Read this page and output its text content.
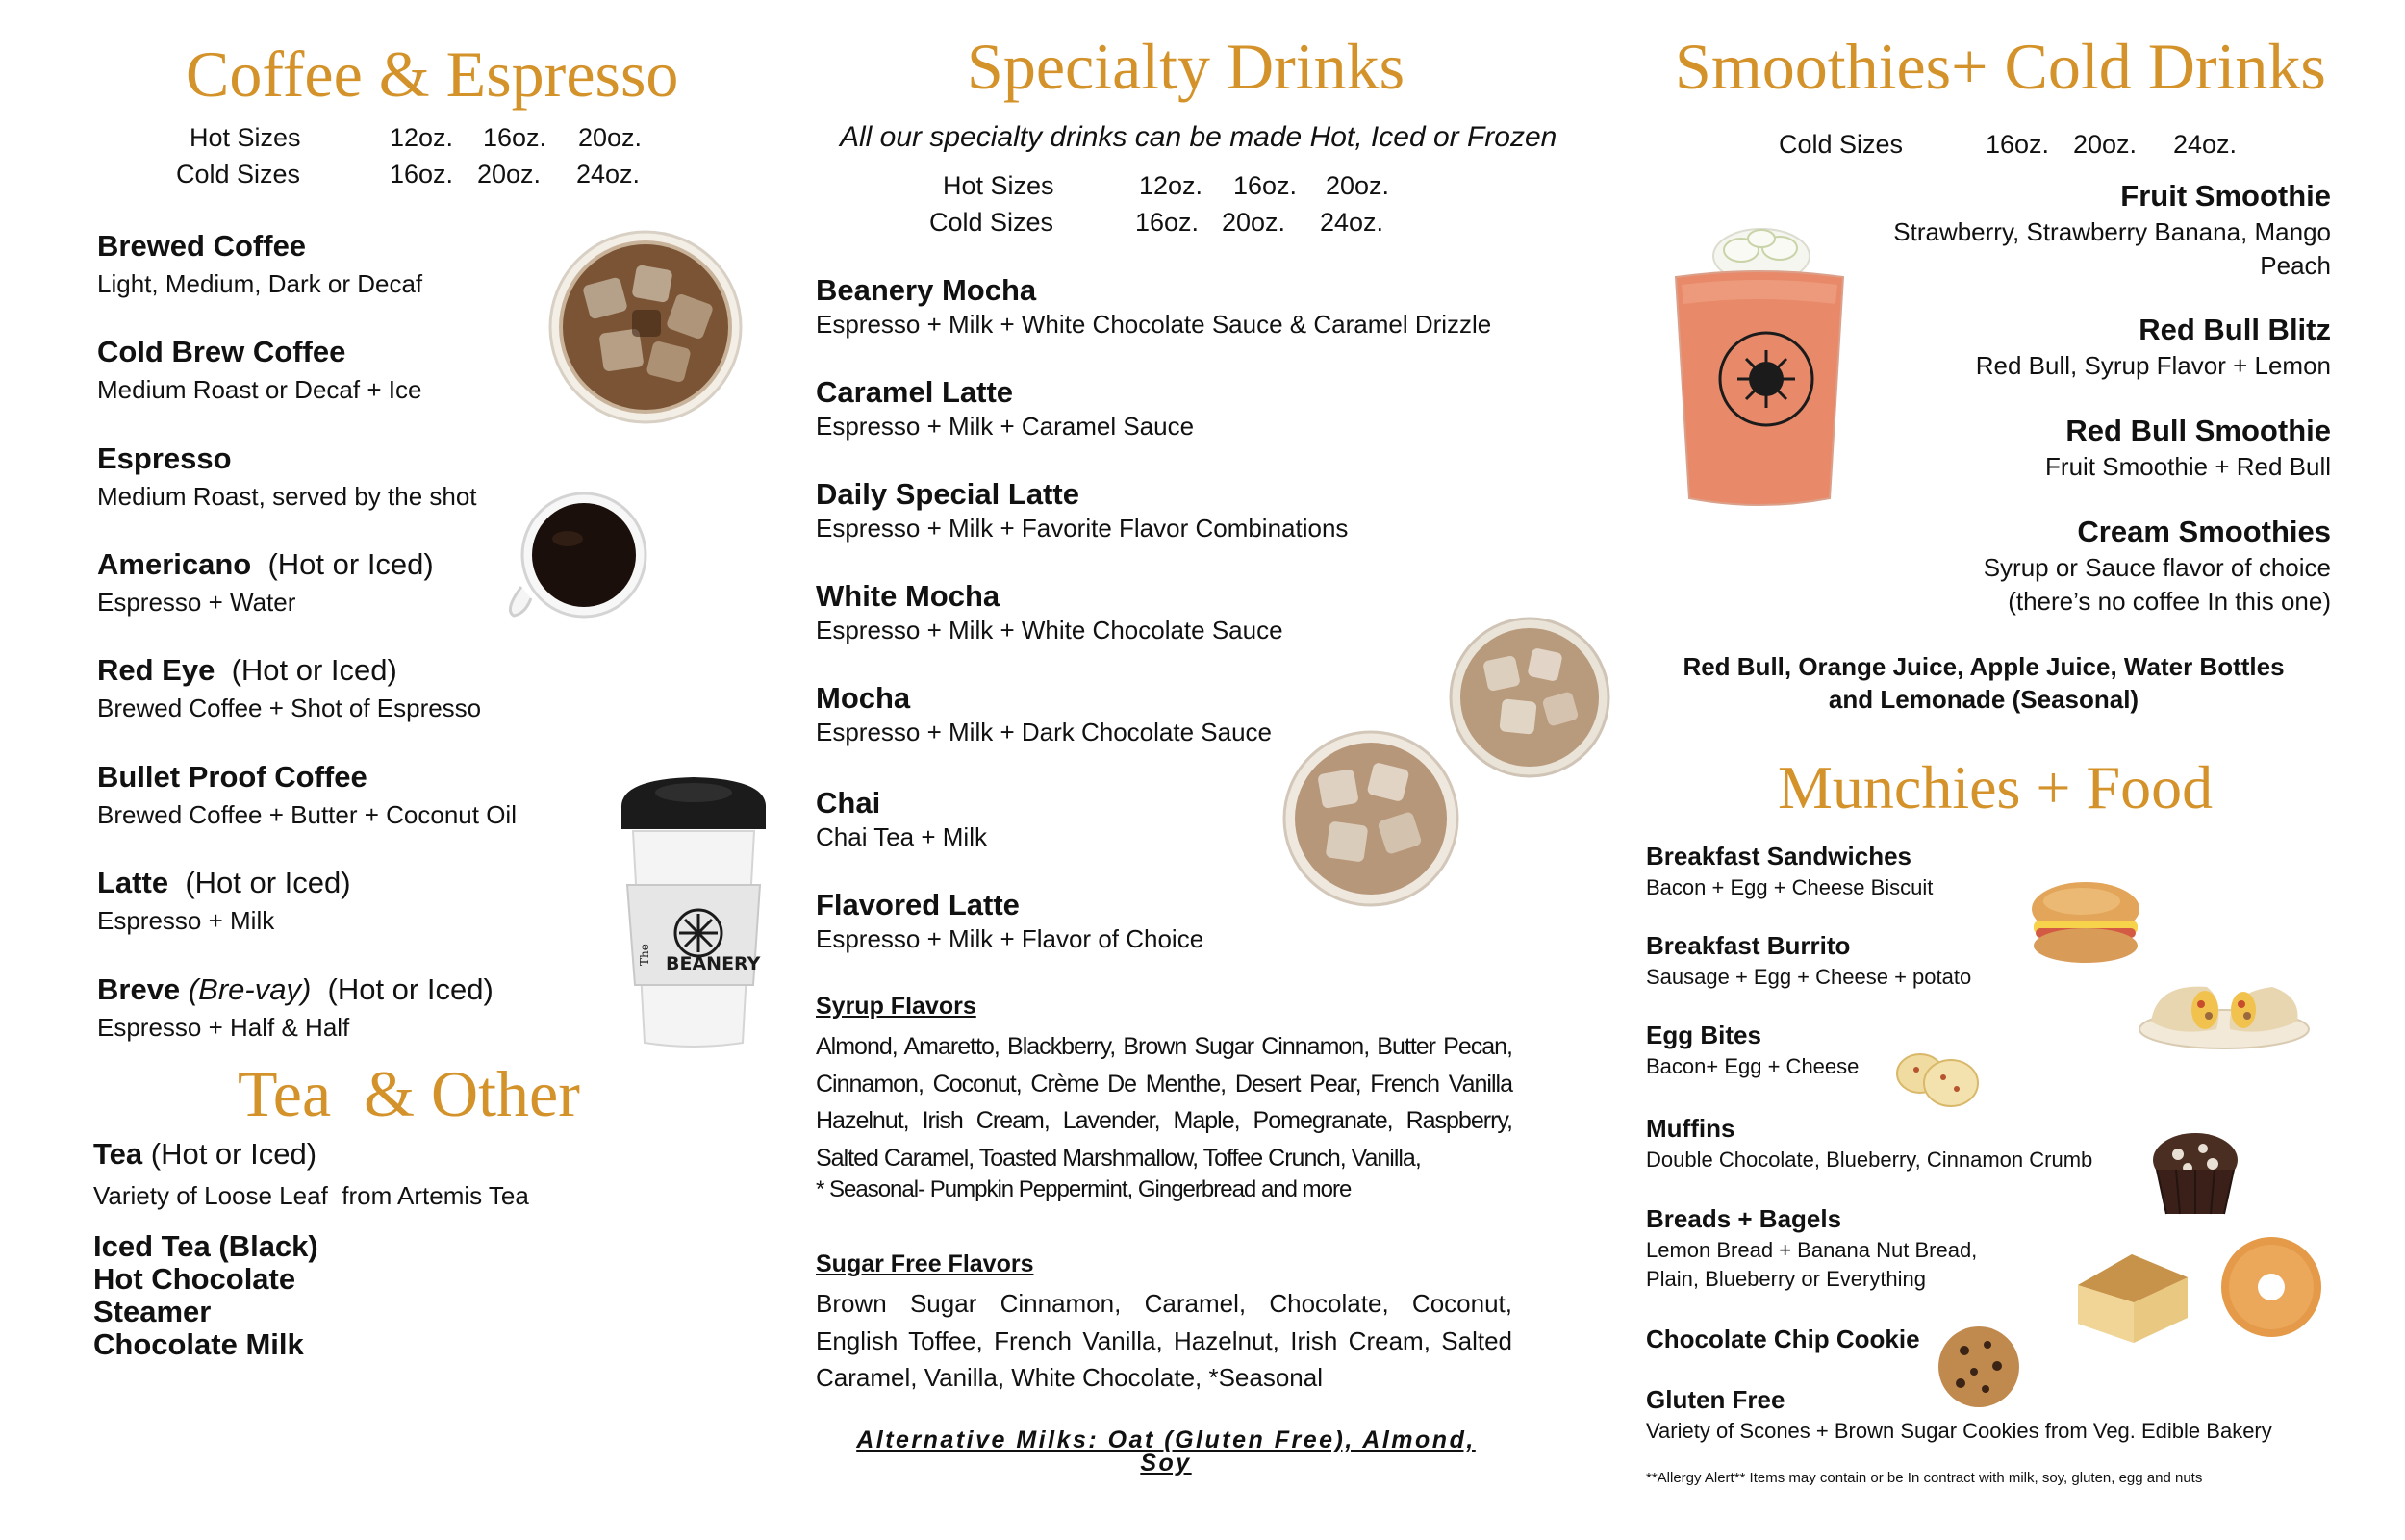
Coffee & Espresso
Hot Sizes	12oz. 16oz. 20oz.
Cold Sizes	16oz. 20oz. 24oz.
Brewed Coffee
Light, Medium, Dark or Decaf
Cold Brew Coffee
Medium Roast or Decaf + Ice
Espresso
Medium Roast, served by the shot
Americano (Hot or Iced)
Espresso + Water
Red Eye (Hot or Iced)
Brewed Coffee + Shot of Espresso
Bullet Proof Coffee
Brewed Coffee + Butter + Coconut Oil
Latte (Hot or Iced)
Espresso + Milk
Breve (Bre-vay) (Hot or Iced)
Espresso + Half & Half
BEANERY
The
Tea  & Other
Tea (Hot or Iced)
Variety of Loose Leaf  from Artemis Tea
Iced Tea (Black)
Hot Chocolate
Steamer
Chocolate Milk
Specialty Drinks
All our specialty drinks can be made Hot, Iced or Frozen
Hot Sizes	12oz. 16oz. 20oz.
Cold Sizes	16oz. 20oz. 24oz.
Beanery Mocha
Espresso + Milk + White Chocolate Sauce & Caramel Drizzle
Caramel Latte
Espresso + Milk + Caramel Sauce
Daily Special Latte
Espresso + Milk + Favorite Flavor Combinations
White Mocha
Espresso + Milk + White Chocolate Sauce
Mocha
Espresso + Milk + Dark Chocolate Sauce
Chai
Chai Tea + Milk
Flavored Latte
Espresso + Milk + Flavor of Choice
Syrup Flavors
Almond, Amaretto, Blackberry, Brown Sugar Cinnamon, Butter Pecan, Cinnamon, Coconut, Crème De Menthe, Desert Pear, French Vanilla Hazelnut, Irish Cream, Lavender, Maple, Pomegranate, Raspberry, Salted Caramel, Toasted Marshmallow, Toffee Crunch, Vanilla,
* Seasonal- Pumpkin Peppermint, Gingerbread and more
Sugar Free Flavors
Brown Sugar Cinnamon, Caramel, Chocolate, Coconut, English Toffee, French Vanilla, Hazelnut, Irish Cream, Salted Caramel, Vanilla, White Chocolate, *Seasonal
Alternative Milks: Oat (Gluten Free), Almond, Soy
Smoothies+ Cold Drinks
Cold Sizes	16oz. 20oz. 24oz.
Fruit Smoothie
Strawberry, Strawberry Banana, Mango
Peach
Red Bull Blitz
Red Bull, Syrup Flavor + Lemon
Red Bull Smoothie
Fruit Smoothie + Red Bull
Cream Smoothies
Syrup or Sauce flavor of choice
(there’s no coffee In this one)
Red Bull, Orange Juice, Apple Juice, Water Bottles
and Lemonade (Seasonal)
Munchies + Food
Breakfast Sandwiches
Bacon + Egg + Cheese Biscuit
Breakfast Burrito
Sausage + Egg + Cheese + potato
Egg Bites
Bacon+ Egg + Cheese
Muffins
Double Chocolate, Blueberry, Cinnamon Crumb
Breads + Bagels
Lemon Bread + Banana Nut Bread,
Plain, Blueberry or Everything
Chocolate Chip Cookie
Gluten Free
Variety of Scones + Brown Sugar Cookies from Veg. Edible Bakery
**Allergy Alert** Items may contain or be In contract with milk, soy, gluten, egg and nuts
